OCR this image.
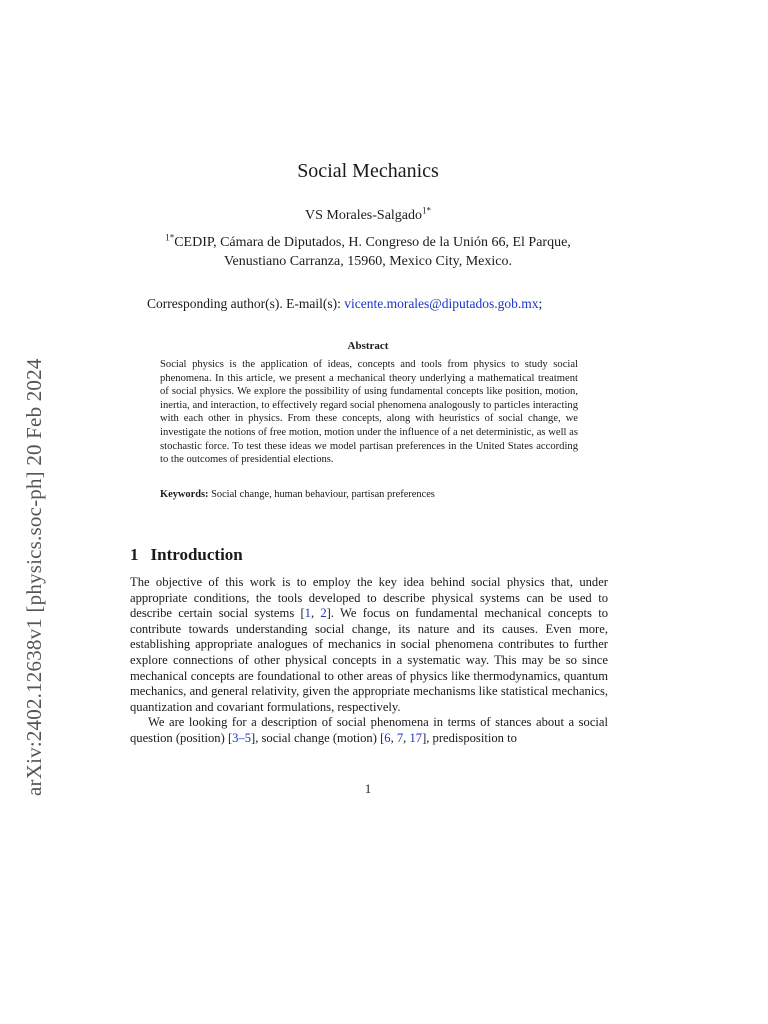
arXiv:2402.12638v1 [physics.soc-ph] 20 Feb 2024
Social Mechanics
VS Morales-Salgado$^{1*}$
$^{1*}$CEDIP, Cámara de Diputados, H. Congreso de la Unión 66, El Parque, Venustiano Carranza, 15960, Mexico City, Mexico.
Corresponding author(s). E-mail(s): vicente.morales@diputados.gob.mx;
Abstract
Social physics is the application of ideas, concepts and tools from physics to study social phenomena. In this article, we present a mechanical theory underlying a mathematical treatment of social physics. We explore the possibility of using fundamental concepts like position, motion, inertia, and interaction, to effectively regard social phenomena analogously to particles interacting with each other in physics. From these concepts, along with heuristics of social change, we investigate the notions of free motion, motion under the influence of a net deterministic, as well as stochastic force. To test these ideas we model partisan preferences in the United States according to the outcomes of presidential elections.
Keywords: Social change, human behaviour, partisan preferences
1 Introduction

The objective of this work is to employ the key idea behind social physics that, under appropriate conditions, the tools developed to describe physical systems can be used to describe certain social systems [1, 2]. We focus on fundamental mechanical concepts to contribute towards understanding social change, its nature and its causes. Even more, establishing appropriate analogues of mechanics in social phenomena contributes to further explore connections of other physical concepts in a systematic way. This may be so since mechanical concepts are foundational to other areas of physics like thermodynamics, quantum mechanics, and general relativity, given the appropriate mechanisms like statistical mechanics, quantization and covariant formulations, respectively.

We are looking for a description of social phenomena in terms of stances about a social question (position) [3–5], social change (motion) [6, 7, 17], predisposition to

1
